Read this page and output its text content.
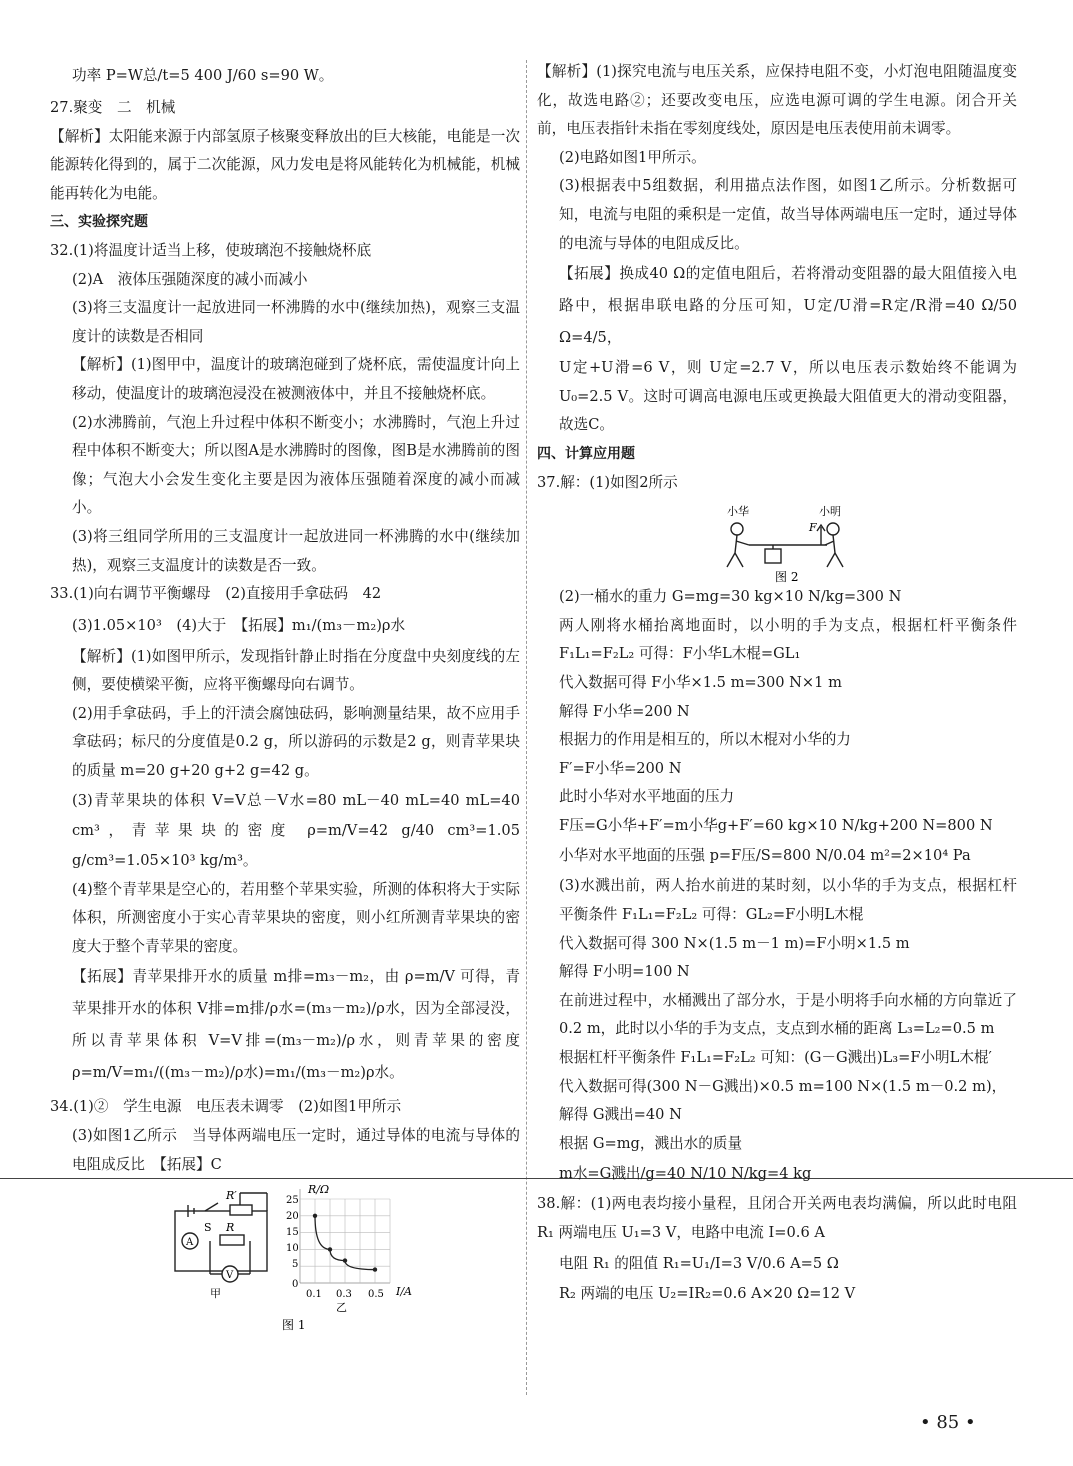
功率 P=W总/t=5 400 J/60 s=90 W。

27.聚变　二　机械

【解析】太阳能来源于内部氢原子核聚变释放出的巨大核能，电能是一次能源转化得到的，属于二次能源，风力发电是将风能转化为机械能，机械能再转化为电能。

三、实验探究题

32.(1)将温度计适当上移，使玻璃泡不接触烧杯底

(2)A　液体压强随深度的减小而减小

(3)将三支温度计一起放进同一杯沸腾的水中(继续加热)，观察三支温度计的读数是否相同

【解析】(1)图甲中，温度计的玻璃泡碰到了烧杯底，需使温度计向上移动，使温度计的玻璃泡浸没在被测液体中，并且不接触烧杯底。

(2)水沸腾前，气泡上升过程中体积不断变小；水沸腾时，气泡上升过程中体积不断变大；所以图A是水沸腾时的图像，图B是水沸腾前的图像；气泡大小会发生变化主要是因为液体压强随着深度的减小而减小。

(3)将三组同学所用的三支温度计一起放进同一杯沸腾的水中(继续加热)，观察三支温度计的读数是否一致。

33.(1)向右调节平衡螺母　(2)直接用手拿砝码　42

(3)1.05×10³　(4)大于　【拓展】m₁/(m₃－m₂)ρ水

【解析】(1)如图甲所示，发现指针静止时指在分度盘中央刻度线的左侧，要使横梁平衡，应将平衡螺母向右调节。

(2)用手拿砝码，手上的汗渍会腐蚀砝码，影响测量结果，故不应用手拿砝码；标尺的分度值是0.2 g，所以游码的示数是2 g，则青苹果块的质量 m=20 g+20 g+2 g=42 g。

(3)青苹果块的体积 V=V总－V水=80 mL－40 mL=40 mL=40 cm³，青苹果块的密度 ρ=m/V=42 g/40 cm³=1.05 g/cm³=1.05×10³ kg/m³。

(4)整个青苹果是空心的，若用整个苹果实验，所测的体积将大于实际体积，所测密度小于实心青苹果块的密度，则小红所测青苹果块的密度大于整个青苹果的密度。

【拓展】青苹果排开水的质量 m排=m₃－m₂，由 ρ=m/V 可得，青苹果排开水的体积 V排=m排/ρ水=(m₃－m₂)/ρ水，因为全部浸没，所以青苹果体积 V=V排=(m₃－m₂)/ρ水，则青苹果的密度 ρ=m/V=m₁/((m₃－m₂)/ρ水)=m₁/(m₃－m₂)ρ水。

34.(1)②　学生电源　电压表未调零　(2)如图1甲所示

(3)如图1乙所示　当导体两端电压一定时，通过导体的电流与导体的电阻成反比　【拓展】C

A
V
S
R′
R
甲
R/Ω
I/A
25
20
15
10
5
0
0.1 0.3 0.5
乙
图 1

【解析】(1)探究电流与电压关系，应保持电阻不变，小灯泡电阻随温度变化，故选电路②；还要改变电压，应选电源可调的学生电源。闭合开关前，电压表指针未指在零刻度线处，原因是电压表使用前未调零。

(2)电路如图1甲所示。

(3)根据表中5组数据，利用描点法作图，如图1乙所示。分析数据可知，电流与电阻的乘积是一定值，故当导体两端电压一定时，通过导体的电流与导体的电阻成反比。

【拓展】换成40 Ω的定值电阻后，若将滑动变阻器的最大阻值接入电路中，根据串联电路的分压可知，U定/U滑=R定/R滑=40 Ω/50 Ω=4/5，

U定+U滑=6 V，则 U定=2.7 V，所以电压表示数始终不能调为 U₀=2.5 V。这时可调高电源电压或更换最大阻值更大的滑动变阻器，故选C。

四、计算应用题

37.解：(1)如图2所示

小华	小明
F
图 2

(2)一桶水的重力 G=mg=30 kg×10 N/kg=300 N

两人刚将水桶抬离地面时，以小明的手为支点，根据杠杆平衡条件 F₁L₁=F₂L₂ 可得：F小华L木棍=GL₁

代入数据可得 F小华×1.5 m=300 N×1 m

解得 F小华=200 N

根据力的作用是相互的，所以木棍对小华的力

F′=F小华=200 N

此时小华对水平地面的压力

F压=G小华+F′=m小华g+F′=60 kg×10 N/kg+200 N=800 N

小华对水平地面的压强 p=F压/S=800 N/0.04 m²=2×10⁴ Pa

(3)水溅出前，两人抬水前进的某时刻，以小华的手为支点，根据杠杆平衡条件 F₁L₁=F₂L₂ 可得：GL₂=F小明L木棍

代入数据可得 300 N×(1.5 m－1 m)=F小明×1.5 m

解得 F小明=100 N

在前进过程中，水桶溅出了部分水，于是小明将手向水桶的方向靠近了0.2 m，此时以小华的手为支点，支点到水桶的距离 L₃=L₂=0.5 m

根据杠杆平衡条件 F₁L₁=F₂L₂ 可知：(G－G溅出)L₃=F小明L木棍′

代入数据可得(300 N－G溅出)×0.5 m=100 N×(1.5 m－0.2 m)，

解得 G溅出=40 N

根据 G=mg，溅出水的质量

m水=G溅出/g=40 N/10 N/kg=4 kg

38.解：(1)两电表均接小量程，且闭合开关两电表均满偏，所以此时电阻 R₁ 两端电压 U₁=3 V，电路中电流 I=0.6 A

电阻 R₁ 的阻值 R₁=U₁/I=3 V/0.6 A=5 Ω

R₂ 两端的电压 U₂=IR₂=0.6 A×20 Ω=12 V

• 85 •
